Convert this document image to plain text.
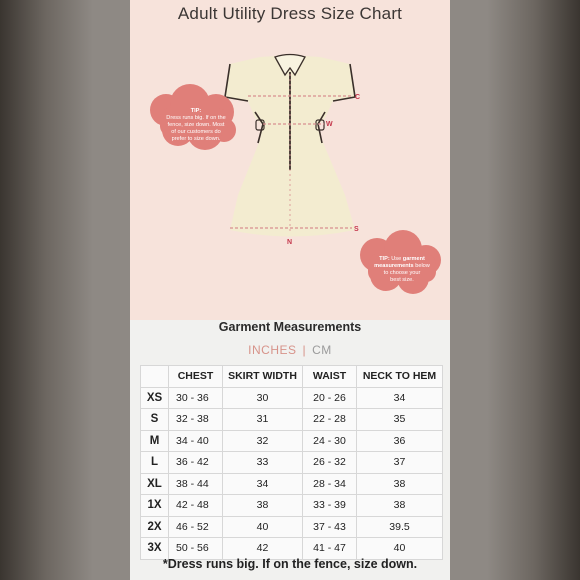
Adult Utility Dress Size Chart
C
W
S
N
TIP:
Dress runs big. If on the
fence, size down. Most
of our customers do
prefer to size down.
TIP: Use garment
measurements below
to choose your
best size.
Garment Measurements
INCHES | CM
	CHEST	SKIRT WIDTH	WAIST	NECK TO HEM
XS	30 - 36	30	20 - 26	34
S	32 - 38	31	22 - 28	35
M	34 - 40	32	24 - 30	36
L	36 - 42	33	26 - 32	37
XL	38 - 44	34	28 - 34	38
1X	42 - 48	38	33 - 39	38
2X	46 - 52	40	37 - 43	39.5
3X	50 - 56	42	41 - 47	40
*Dress runs big. If on the fence, size down.
